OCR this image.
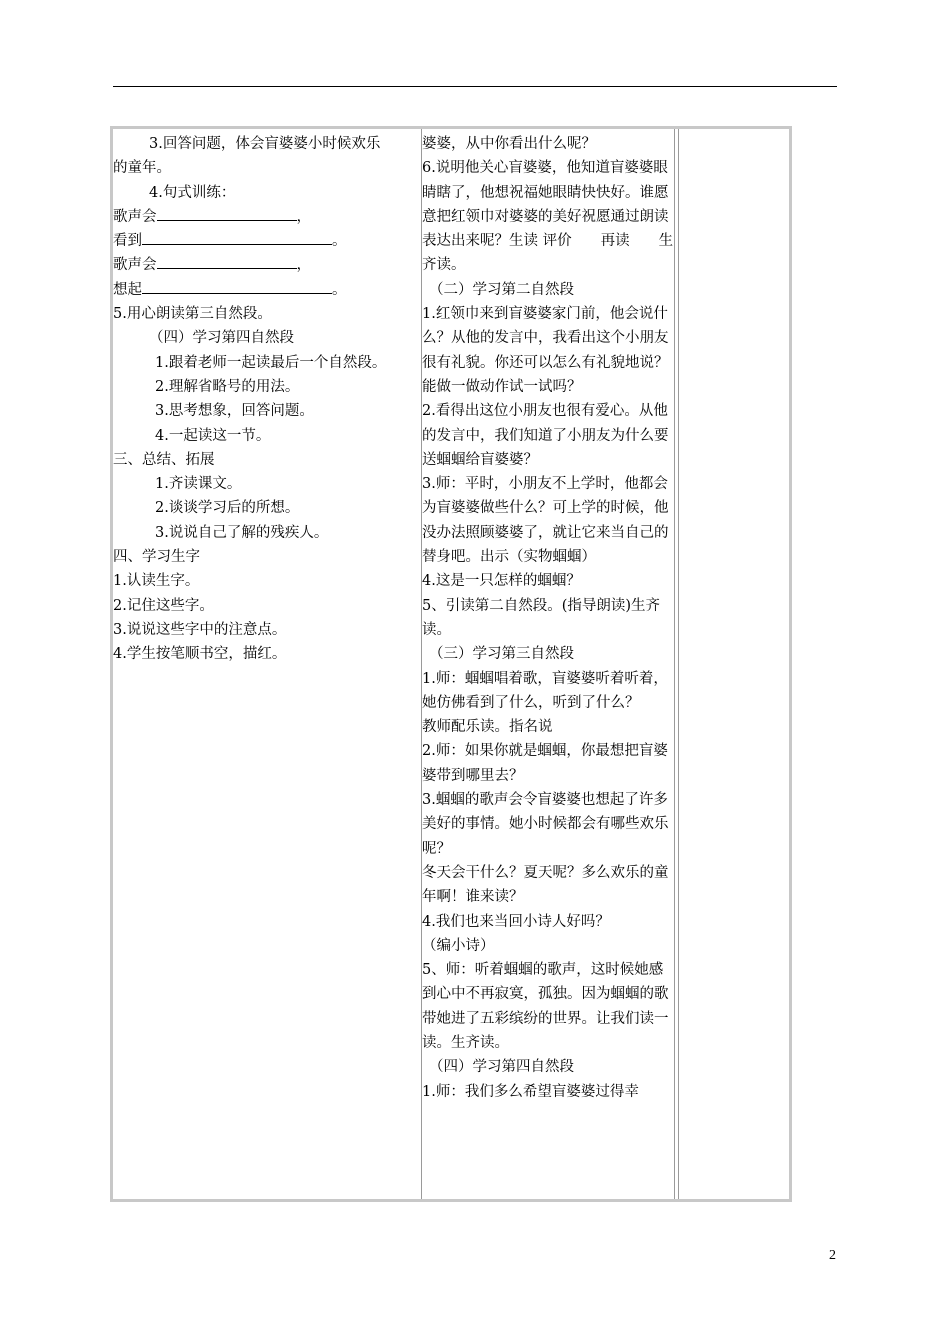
3.回答问题，体会盲婆婆小时候欢乐
的童年。
4.句式训练：
歌声会	，
看到	。
歌声会	，
想起	。
5.用心朗读第三自然段。
（四）学习第四自然段
1.跟着老师一起读最后一个自然段。
2.理解省略号的用法。
3.思考想象，回答问题。
4.一起读这一节。
三、总结、拓展
1.齐读课文。
2.谈谈学习后的所想。
3.说说自己了解的残疾人。
四、学习生字
1.认读生字。
2.记住这些字。
3.说说这些字中的注意点。
4.学生按笔顺书空，描红。
婆婆，从中你看出什么呢？
6.说明他关心盲婆婆，他知道盲婆婆眼睛瞎了，他想祝福她眼睛快快好。谁愿意把红领巾对婆婆的美好祝愿通过朗读表达出来呢？生读 评价　　再读　　生齐读。
（二）学习第二自然段
1.红领巾来到盲婆婆家门前，他会说什么？从他的发言中，我看出这个小朋友很有礼貌。你还可以怎么有礼貌地说？能做一做动作试一试吗？
2.看得出这位小朋友也很有爱心。从他的发言中，我们知道了小朋友为什么要送蝈蝈给盲婆婆？
3.师：平时，小朋友不上学时，他都会为盲婆婆做些什么？可上学的时候，他没办法照顾婆婆了，就让它来当自己的替身吧。出示（实物蝈蝈）
4.这是一只怎样的蝈蝈？
5、引读第二自然段。(指导朗读)生齐读。
（三）学习第三自然段
1.师：蝈蝈唱着歌，盲婆婆听着听着，她仿佛看到了什么，听到了什么？
教师配乐读。指名说
2.师：如果你就是蝈蝈，你最想把盲婆婆带到哪里去？
3.蝈蝈的歌声会令盲婆婆也想起了许多美好的事情。她小时候都会有哪些欢乐呢？
冬天会干什么？夏天呢？多么欢乐的童年啊！谁来读？
4.我们也来当回小诗人好吗？
（编小诗）
5、师：听着蝈蝈的歌声，这时候她感到心中不再寂寞，孤独。因为蝈蝈的歌带她进了五彩缤纷的世界。让我们读一读。生齐读。
（四）学习第四自然段
1.师：我们多么希望盲婆婆过得幸
2
